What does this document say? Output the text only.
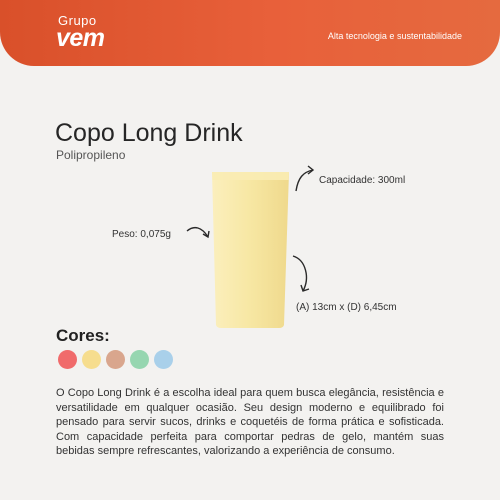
Grupo
vem	Alta tecnologia e sustentabilidade
Copo Long Drink
Polipropileno
Capacidade: 300ml
Peso: 0,075g
(A) 13cm x (D) 6,45cm
Cores:
O Copo Long Drink é a escolha ideal para quem busca elegância, resistência e versatilidade em qualquer ocasião. Seu design moderno e equilibrado foi pensado para servir sucos, drinks e coquetéis de forma prática e sofisticada. Com capacidade perfeita para comportar pedras de gelo, mantém suas bebidas sempre refrescantes, valorizando a experiência de consumo.
